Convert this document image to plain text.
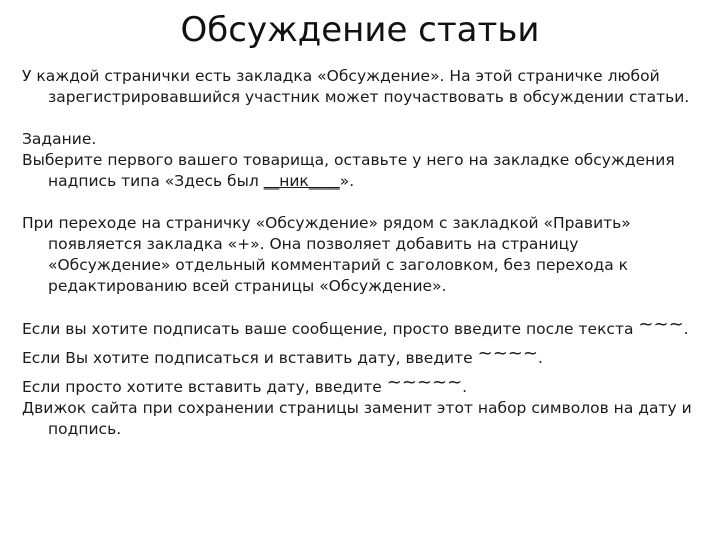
Обсуждение статьи

У каждой странички есть закладка «Обсуждение». На этой страничке любой зарегистрировавшийся участник может поучаствовать в обсуждении статьи.

Задание.

Выберите первого вашего товарища, оставьте у него на закладке обсуждения надпись типа «Здесь был __ник____».

При переходе на страничку «Обсуждение» рядом с закладкой «Править» появляется закладка «+». Она позволяет добавить на страницу «Обсуждение» отдельный комментарий с заголовком, без перехода к редактированию всей страницы «Обсуждение».

Если вы хотите подписать ваше сообщение, просто введите после текста ~~~.

Если Вы хотите подписаться и вставить дату, введите ~~~~.

Если просто хотите вставить дату, введите ~~~~~.

Движок сайта при сохранении страницы заменит этот набор символов на дату и подпись.
